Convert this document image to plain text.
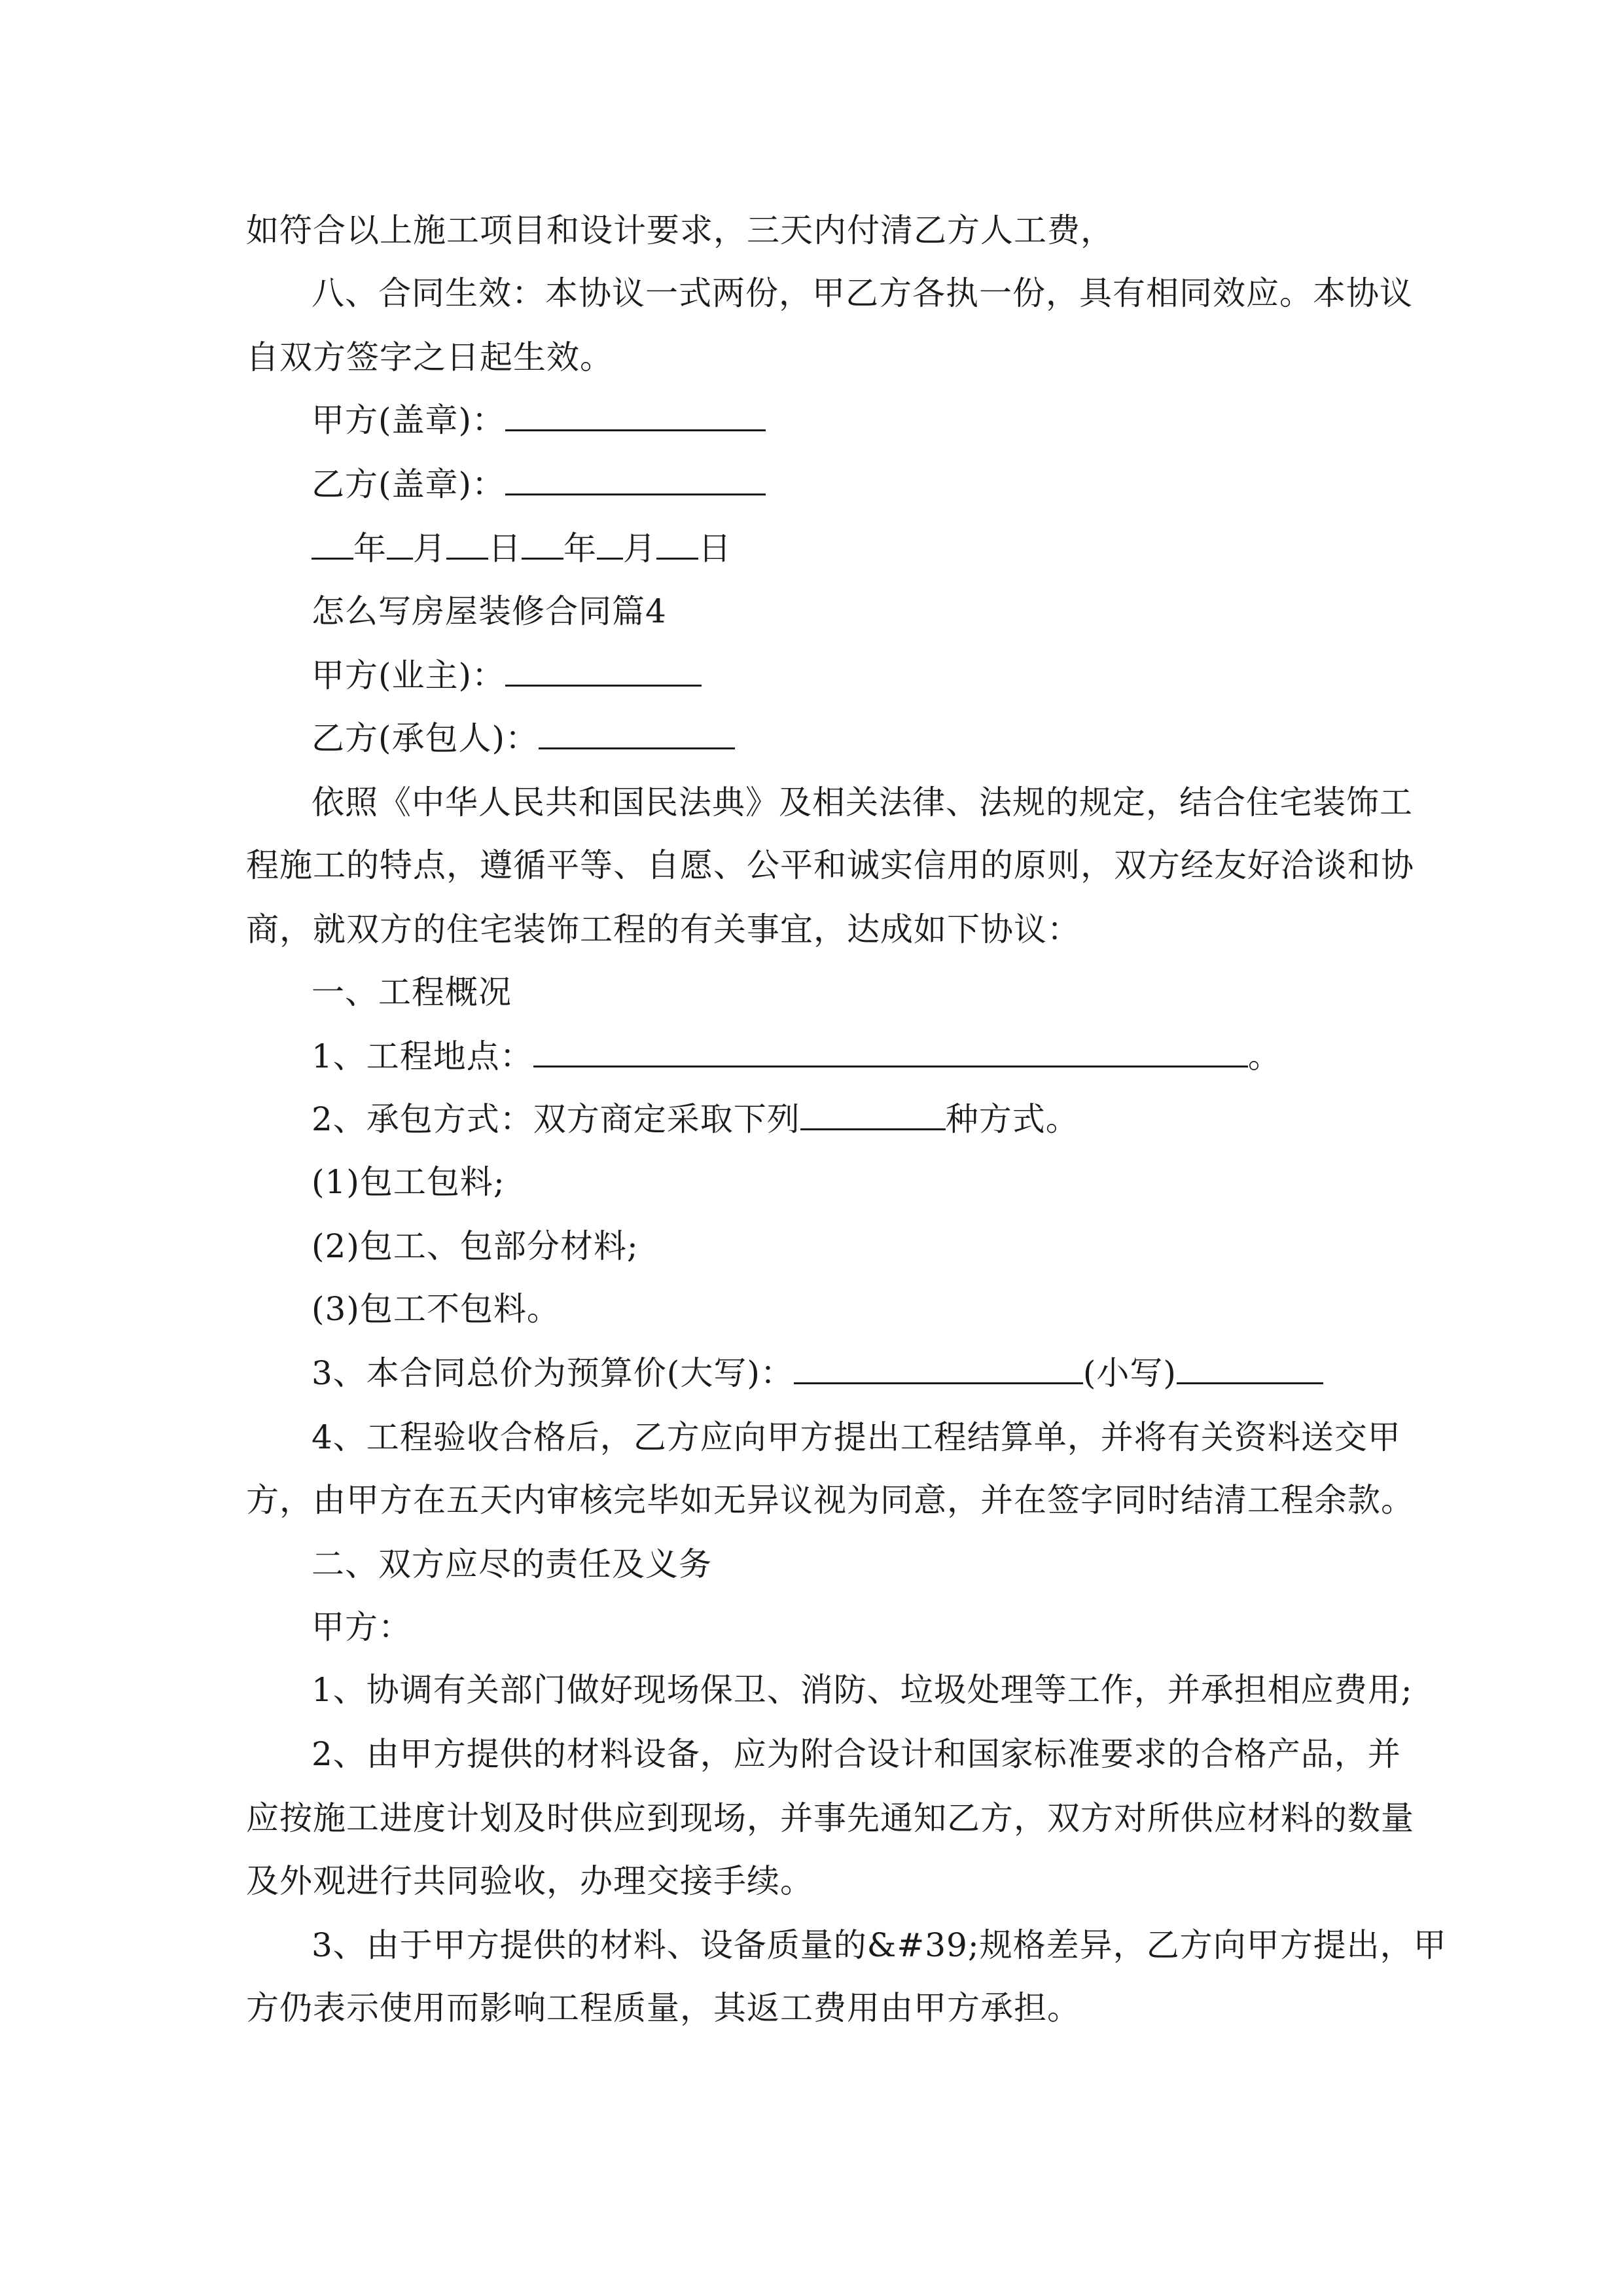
如符合以上施工项目和设计要求，三天内付清乙方人工费，
八、合同生效：本协议一式两份，甲乙方各执一份，具有相同效应。本协议
自双方签字之日起生效。
甲方(盖章)：
乙方(盖章)：
年 月 日 年 月 日
怎么写房屋装修合同篇4
甲方(业主)：
乙方(承包人)：
依照《中华人民共和国民法典》及相关法律、法规的规定，结合住宅装饰工
程施工的特点，遵循平等、自愿、公平和诚实信用的原则，双方经友好洽谈和协
商，就双方的住宅装饰工程的有关事宜，达成如下协议：
一、工程概况
1、工程地点：	。
2、承包方式：双方商定采取下列	种方式。
(1)包工包料;
(2)包工、包部分材料;
(3)包工不包料。
3、本合同总价为预算价(大写)：	(小写)
4、工程验收合格后，乙方应向甲方提出工程结算单，并将有关资料送交甲
方，由甲方在五天内审核完毕如无异议视为同意，并在签字同时结清工程余款。
二、双方应尽的责任及义务
甲方：
1、协调有关部门做好现场保卫、消防、垃圾处理等工作，并承担相应费用;
2、由甲方提供的材料设备，应为附合设计和国家标准要求的合格产品，并
应按施工进度计划及时供应到现场，并事先通知乙方，双方对所供应材料的数量
及外观进行共同验收，办理交接手续。
3、由于甲方提供的材料、设备质量的&#39;规格差异，乙方向甲方提出，甲
方仍表示使用而影响工程质量，其返工费用由甲方承担。
